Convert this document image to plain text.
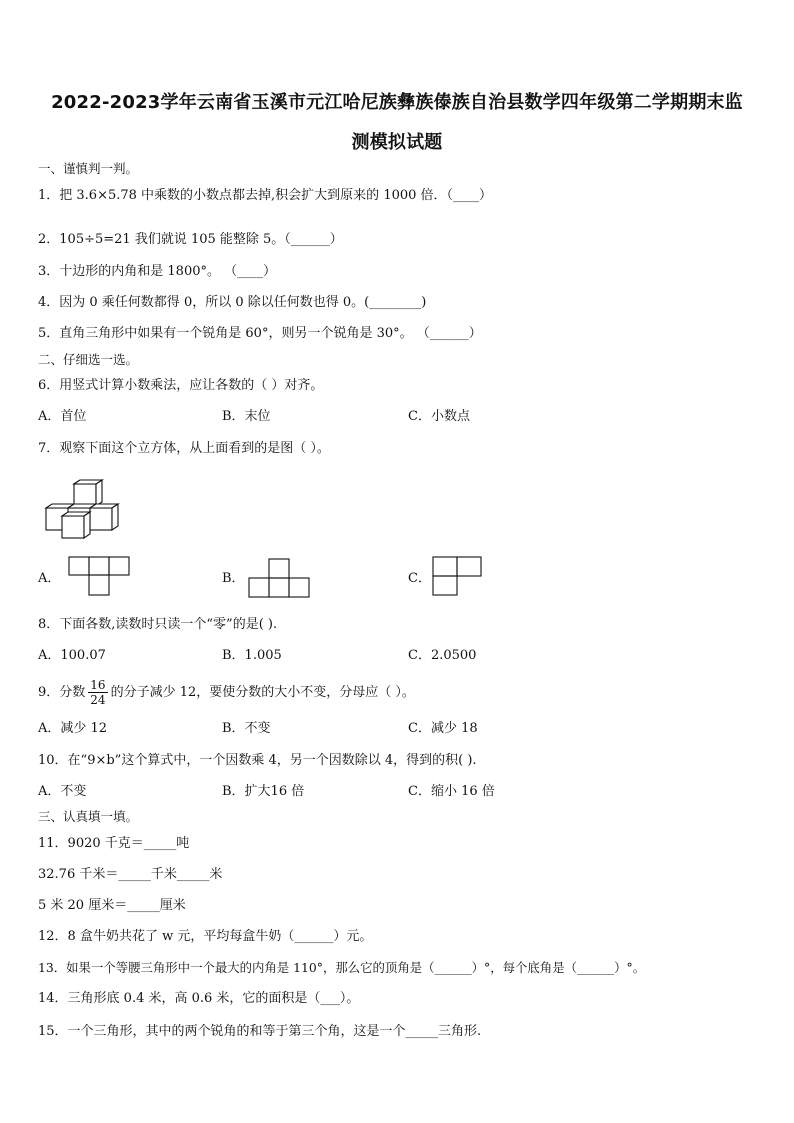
2022-2023学年云南省玉溪市元江哈尼族彝族傣族自治县数学四年级第二学期期末监
测模拟试题
一、谨慎判一判。
1．把 3.6×5.78 中乘数的小数点都去掉,积会扩大到原来的 1000 倍．（____）
2．105÷5=21 我们就说 105 能整除 5。（______）
3．十边形的内角和是 1800°。 （____）
4．因为 0 乘任何数都得 0，所以 0 除以任何数也得 0。(________)
5．直角三角形中如果有一个锐角是 60°，则另一个锐角是 30°。 （______）
二、仔细选一选。
6．用竖式计算小数乘法，应让各数的（ ）对齐。
A．首位	B．末位	C．小数点
7．观察下面这个立方体，从上面看到的是图（ ）。
A．	B．	C．
8．下面各数,读数时只读一个“零”的是( ).
A．100.07	B．1.005	C．2.0500
9．分数 $\frac{16}{24}$ 的分子减少 12，要使分数的大小不变，分母应（ ）。
A．减少 12	B．不变	C．减少 18
10．在“9×b”这个算式中，一个因数乘 4，另一个因数除以 4，得到的积( ).
A．不变	B．扩大16 倍	C．缩小 16 倍
三、认真填一填。
11．9020 千克＝_____吨
32.76 千米＝_____千米_____米
5 米 20 厘米＝_____厘米
12．8 盒牛奶共花了 w 元，平均每盒牛奶（______）元。
13．如果一个等腰三角形中一个最大的内角是 110°，那么它的顶角是（______）°，每个底角是（______）°。
14．三角形底 0.4 米，高 0.6 米，它的面积是（___）。
15．一个三角形，其中的两个锐角的和等于第三个角，这是一个_____三角形.
